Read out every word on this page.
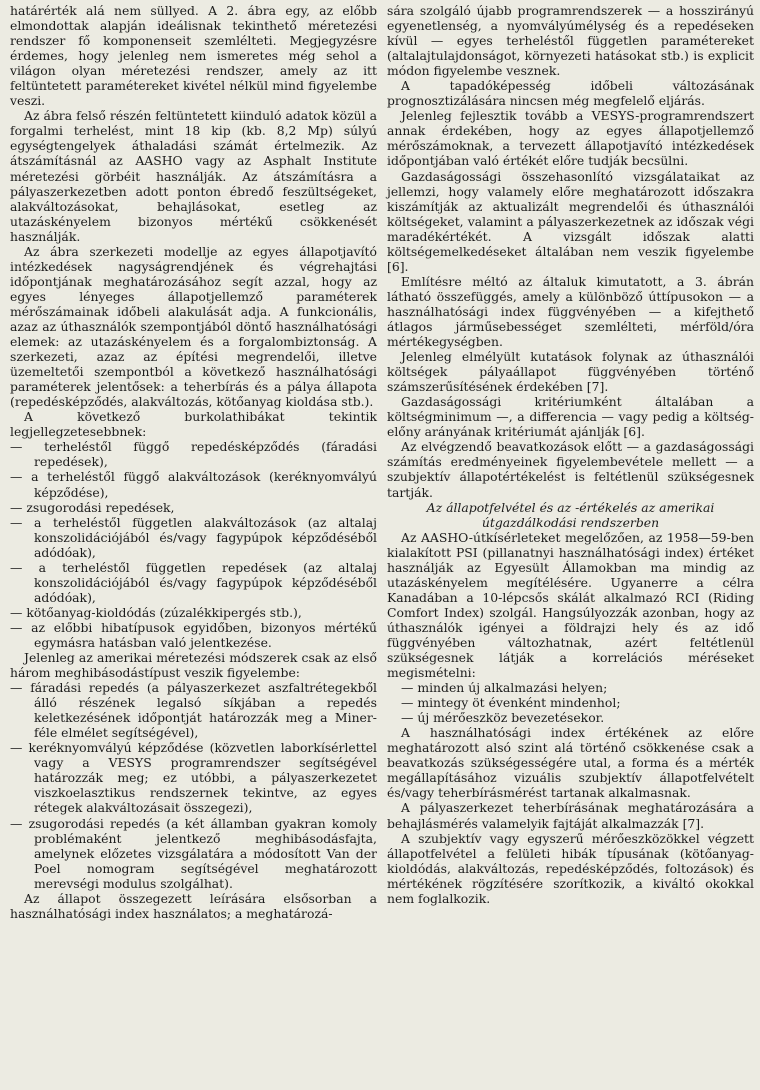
határérték alá nem süllyed. A 2. ábra egy, az előbb elmondottak alapján ideálisnak tekinthető méretezési rendszer fő komponenseit szemlélteti. Megjegyzésre érdemes, hogy jelenleg nem ismeretes még sehol a világon olyan méretezési rendszer, amely az itt feltüntetett paramétereket kivétel nélkül mind figyelembe veszi.

Az ábra felső részén feltüntetett kiinduló adatok közül a forgalmi terhelést, mint 18 kip (kb. 8,2 Mp) súlyú egységtengelyek áthaladási számát értelmezik. Az átszámításnál az AASHO vagy az Asphalt Institute méretezési görbéit használják. Az átszámításra a pályaszerkezetben adott ponton ébredő feszültségeket, alakváltozásokat, behajlásokat, esetleg az utazáskényelem bizonyos mértékű csökkenését használják.

Az ábra szerkezeti modellje az egyes állapotjavító intézkedések nagyságrendjének és végrehajtási időpontjának meghatározásához segít azzal, hogy az egyes lényeges állapotjellemző paraméterek mérőszámainak időbeli alakulását adja. A funkcionális, azaz az úthasználók szempontjából döntő használhatósági elemek: az utazáskényelem és a forgalombiztonság. A szerkezeti, azaz az építési megrendelői, illetve üzemeltetői szempontból a következő használhatósági paraméterek jelentősek: a teherbírás és a pálya állapota (repedésképződés, alakváltozás, kötőanyag kioldása stb.).

A következő burkolathibákat tekintik legjellegzetesebbnek:

— terheléstől függő repedésképződés (fáradási repedések),
— a terheléstől függő alakváltozások (keréknyomvályú képződése),
— zsugorodási repedések,
— a terheléstől független alakváltozások (az altalaj konszolidációjából és/vagy fagypúpok képződéséből adódóak),
— a terheléstől független repedések (az altalaj konszolidációjából és/vagy fagypúpok képződéséből adódóak),
— kötőanyag-kioldódás (zúzalékkipergés stb.),
— az előbbi hibatípusok egyidőben, bizonyos mértékű egymásra hatásban való jelentkezése.

Jelenleg az amerikai méretezési módszerek csak az első három meghibásodástípust veszik figyelembe:

— fáradási repedés (a pályaszerkezet aszfaltrétegekből álló részének legalsó síkjában a repedés keletkezésének időpontját határozzák meg a Miner-féle elmélet segítségével),
— keréknyomvályú képződése (közvetlen laborkísérlettel vagy a VESYS programrendszer segítségével határozzák meg; ez utóbbi, a pályaszerkezetet viszkoelasztikus rendszernek tekintve, az egyes rétegek alakváltozásait összegezi),
— zsugorodási repedés (a két államban gyakran komoly problémaként jelentkező meghibásodásfajta, amelynek előzetes vizsgálatára a módosított Van der Poel nomogram segítségével meghatározott merevségi modulus szolgálhat).

Az állapot összegezett leírására elsősorban a használhatósági index használatos; a meghatározá-

sára szolgáló újabb programrendszerek — a hosszirányú egyenetlenség, a nyomvályúmélység és a repedéseken kívül — egyes terheléstől független paramétereket (altalajtulajdonságot, környezeti hatásokat stb.) is explicit módon figyelembe vesznek.

A tapadóképesség időbeli változásának prognosztizálására nincsen még megfelelő eljárás.

Jelenleg fejlesztik tovább a VESYS-programrendszert annak érdekében, hogy az egyes állapotjellemző mérőszámoknak, a tervezett állapotjavító intézkedések időpontjában való értékét előre tudják becsülni.

Gazdaságossági összehasonlító vizsgálataikat az jellemzi, hogy valamely előre meghatározott időszakra kiszámítják az aktualizált megrendelői és úthasználói költségeket, valamint a pályaszerkezetnek az időszak végi maradékértékét. A vizsgált időszak alatti költségemelkedéseket általában nem veszik figyelembe [6].

Említésre méltó az általuk kimutatott, a 3. ábrán látható összefüggés, amely a különböző úttípusokon — a használhatósági index függvényében — a kifejthető átlagos járműsebességet szemlélteti, mérföld/óra mértékegységben.

Jelenleg elmélyült kutatások folynak az úthasználói költségek pályaállapot függvényében történő számszerűsítésének érdekében [7].

Gazdaságossági kritériumként általában a költségminimum —, a differencia — vagy pedig a költség-előny arányának kritériumát ajánlják [6].

Az elvégzendő beavatkozások előtt — a gazdaságossági számítás eredményeinek figyelembevétele mellett — a szubjektív állapotértékelést is feltétlenül szükségesnek tartják.

Az állapotfelvétel és az -értékelés az amerikai útgazdálkodási rendszerben

Az AASHO-útkísérleteket megelőzően, az 1958—59-ben kialakított PSI (pillanatnyi használhatósági index) értéket használják az Egyesült Államokban ma mindig az utazáskényelem megítélésére. Ugyanerre a célra Kanadában a 10-lépcsős skálát alkalmazó RCI (Riding Comfort Index) szolgál. Hangsúlyozzák azonban, hogy az úthasználók igényei a földrajzi hely és az idő függvényében változhatnak, azért feltétlenül szükségesnek látják a korrelációs méréseket megismételni:

— minden új alkalmazási helyen;
— mintegy öt évenként mindenhol;
— új mérőeszköz bevezetésekor.

A használhatósági index értékének az előre meghatározott alsó szint alá történő csökkenése csak a beavatkozás szükségességére utal, a forma és a mérték megállapításához vizuális szubjektív állapotfelvételt és/vagy teherbírásmérést tartanak alkalmasnak.

A pályaszerkezet teherbírásának meghatározására a behajlásmérés valamelyik fajtáját alkalmazzák [7].

A szubjektív vagy egyszerű mérőeszközökkel végzett állapotfelvétel a felületi hibák típusának (kötőanyag-kioldódás, alakváltozás, repedésképződés, foltozások) és mértékének rögzítésére szorítkozik, a kiváltó okokkal nem foglalkozik.
